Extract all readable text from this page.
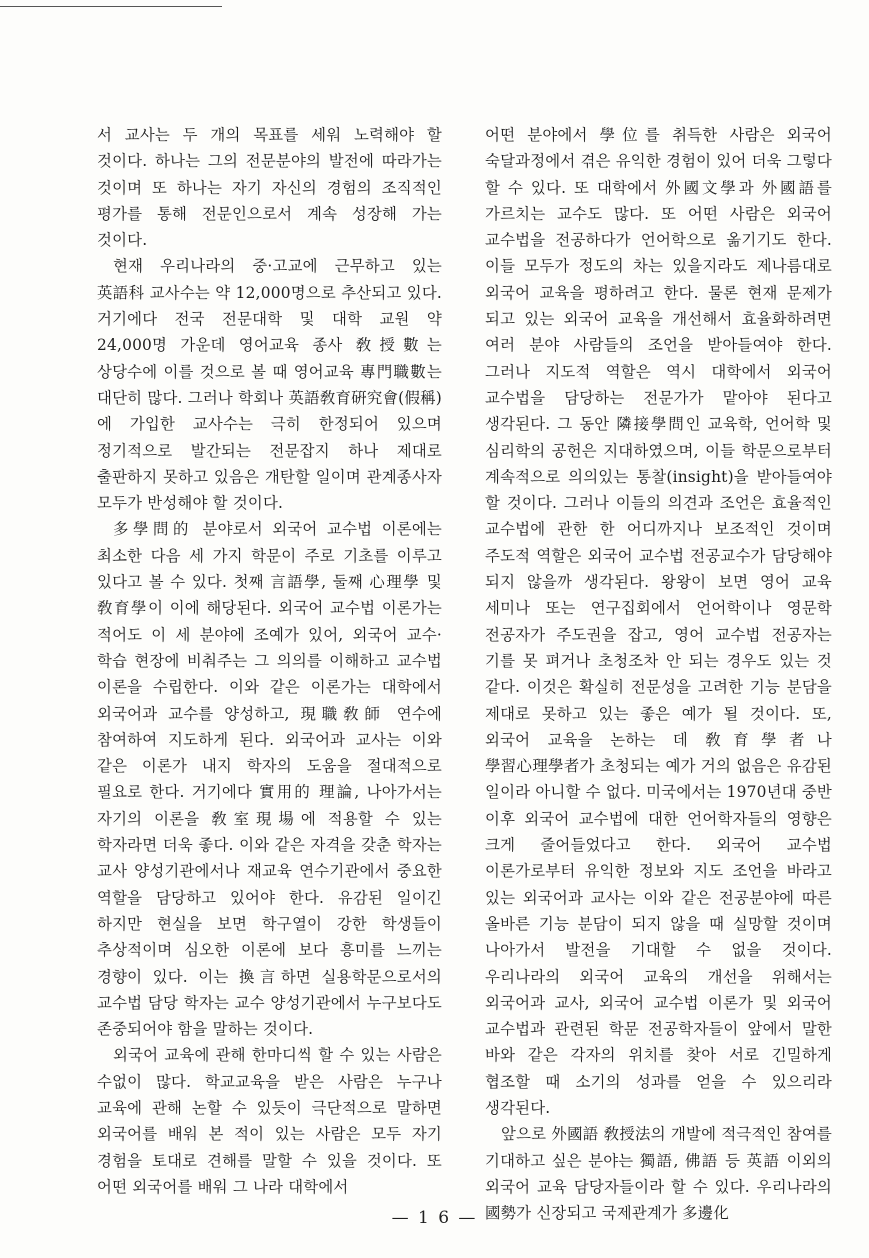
서 교사는 두 개의 목표를 세워 노력해야 할 것이다. 하나는 그의 전문분야의 발전에 따라가는 것이며 또 하나는 자기 자신의 경험의 조직적인 평가를 통해 전문인으로서 계속 성장해 가는 것이다.

현재 우리나라의 중·고교에 근무하고 있는 英語科 교사수는 약 12,000명으로 추산되고 있다. 거기에다 전국 전문대학 및 대학 교원 약 24,000명 가운데 영어교육 종사 敎授數는 상당수에 이를 것으로 볼 때 영어교육 專門職數는 대단히 많다. 그러나 학회나 英語敎育硏究會(假稱)에 가입한 교사수는 극히 한정되어 있으며 정기적으로 발간되는 전문잡지 하나 제대로 출판하지 못하고 있음은 개탄할 일이며 관계종사자 모두가 반성해야 할 것이다.

多學問的 분야로서 외국어 교수법 이론에는 최소한 다음 세 가지 학문이 주로 기초를 이루고 있다고 볼 수 있다. 첫째 言語學, 둘째 心理學 및 敎育學이 이에 해당된다. 외국어 교수법 이론가는 적어도 이 세 분야에 조예가 있어, 외국어 교수·학습 현장에 비춰주는 그 의의를 이해하고 교수법 이론을 수립한다. 이와 같은 이론가는 대학에서 외국어과 교수를 양성하고, 現職敎師 연수에 참여하여 지도하게 된다. 외국어과 교사는 이와 같은 이론가 내지 학자의 도움을 절대적으로 필요로 한다. 거기에다 實用的 理論, 나아가서는 자기의 이론을 敎室現場에 적용할 수 있는 학자라면 더욱 좋다. 이와 같은 자격을 갖춘 학자는 교사 양성기관에서나 재교육 연수기관에서 중요한 역할을 담당하고 있어야 한다. 유감된 일이긴 하지만 현실을 보면 학구열이 강한 학생들이 추상적이며 심오한 이론에 보다 흥미를 느끼는 경향이 있다. 이는 換言하면 실용학문으로서의 교수법 담당 학자는 교수 양성기관에서 누구보다도 존중되어야 함을 말하는 것이다.

외국어 교육에 관해 한마디씩 할 수 있는 사람은 수없이 많다. 학교교육을 받은 사람은 누구나 교육에 관해 논할 수 있듯이 극단적으로 말하면 외국어를 배워 본 적이 있는 사람은 모두 자기 경험을 토대로 견해를 말할 수 있을 것이다. 또 어떤 외국어를 배워 그 나라 대학에서

어떤 분야에서 學位를 취득한 사람은 외국어 숙달과정에서 겪은 유익한 경험이 있어 더욱 그렇다 할 수 있다. 또 대학에서 外國文學과 外國語를 가르치는 교수도 많다. 또 어떤 사람은 외국어 교수법을 전공하다가 언어학으로 옮기기도 한다. 이들 모두가 정도의 차는 있을지라도 제나름대로 외국어 교육을 평하려고 한다. 물론 현재 문제가 되고 있는 외국어 교육을 개선해서 효율화하려면 여러 분야 사람들의 조언을 받아들여야 한다. 그러나 지도적 역할은 역시 대학에서 외국어 교수법을 담당하는 전문가가 맡아야 된다고 생각된다. 그 동안 隣接學問인 교육학, 언어학 및 심리학의 공헌은 지대하였으며, 이들 학문으로부터 계속적으로 의의있는 통찰(insight)을 받아들여야 할 것이다. 그러나 이들의 의견과 조언은 효율적인 교수법에 관한 한 어디까지나 보조적인 것이며 주도적 역할은 외국어 교수법 전공교수가 담당해야 되지 않을까 생각된다. 왕왕이 보면 영어 교육 세미나 또는 연구집회에서 언어학이나 영문학 전공자가 주도권을 잡고, 영어 교수법 전공자는 기를 못 펴거나 초청조차 안 되는 경우도 있는 것 같다. 이것은 확실히 전문성을 고려한 기능 분담을 제대로 못하고 있는 좋은 예가 될 것이다. 또, 외국어 교육을 논하는 데 敎育學者나 學習心理學者가 초청되는 예가 거의 없음은 유감된 일이라 아니할 수 없다. 미국에서는 1970년대 중반 이후 외국어 교수법에 대한 언어학자들의 영향은 크게 줄어들었다고 한다. 외국어 교수법 이론가로부터 유익한 정보와 지도 조언을 바라고 있는 외국어과 교사는 이와 같은 전공분야에 따른 올바른 기능 분담이 되지 않을 때 실망할 것이며 나아가서 발전을 기대할 수 없을 것이다. 우리나라의 외국어 교육의 개선을 위해서는 외국어과 교사, 외국어 교수법 이론가 및 외국어 교수법과 관련된 학문 전공학자들이 앞에서 말한 바와 같은 각자의 위치를 찾아 서로 긴밀하게 협조할 때 소기의 성과를 얻을 수 있으리라 생각된다.

앞으로 外國語 敎授法의 개발에 적극적인 참여를 기대하고 싶은 분야는 獨語, 佛語 등 英語 이외의 외국어 교육 담당자들이라 할 수 있다. 우리나라의 國勢가 신장되고 국제관계가 多邊化

— 1 6 —
